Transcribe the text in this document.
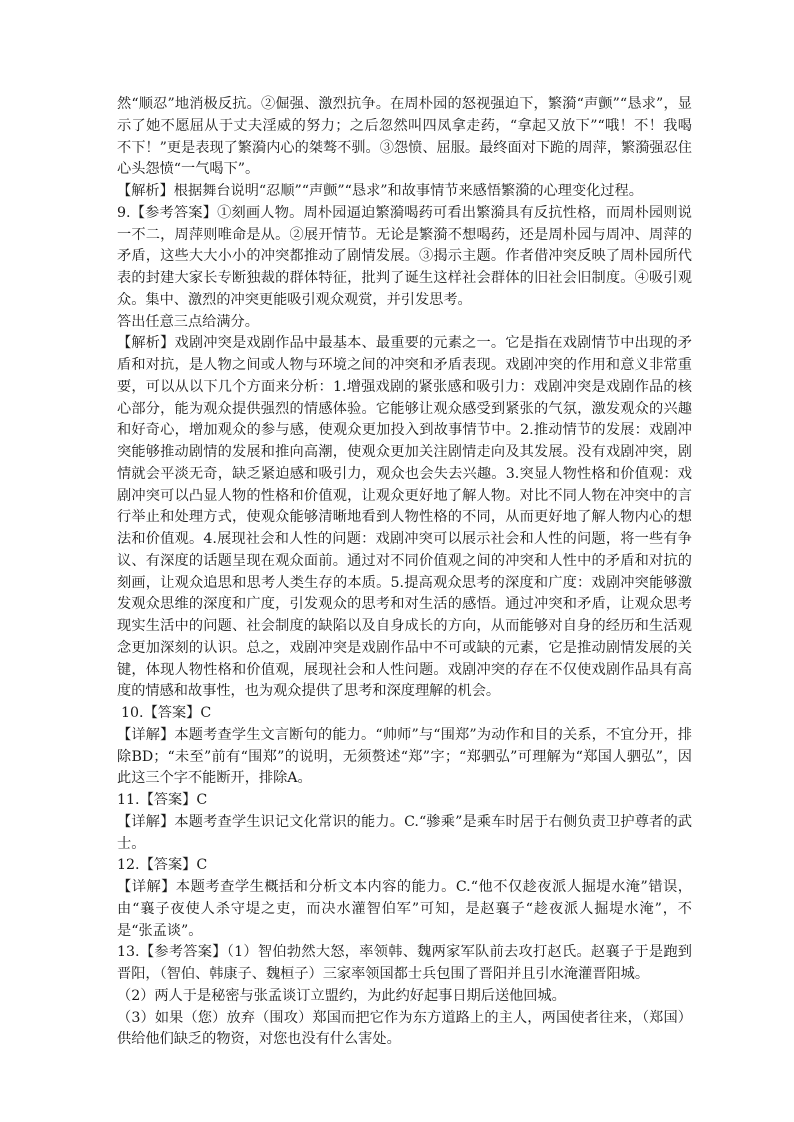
然“顺忍”地消极反抗。②倔强、激烈抗争。在周朴园的怒视强迫下，繁漪“声颤”“恳求”，显示了她不愿屈从于丈夫淫威的努力；之后忽然叫四凤拿走药，“拿起又放下”“哦！不！我喝不下！”更是表现了繁漪内心的桀骜不驯。③怨愤、屈服。最终面对下跪的周萍，繁漪强忍住心头怨愤“一气喝下”。

【解析】根据舞台说明“忍顺”“声颤”“恳求”和故事情节来感悟繁漪的心理变化过程。

9.【参考答案】①刻画人物。周朴园逼迫繁漪喝药可看出繁漪具有反抗性格，而周朴园则说一不二，周萍则唯命是从。②展开情节。无论是繁漪不想喝药，还是周朴园与周冲、周萍的矛盾，这些大大小小的冲突都推动了剧情发展。③揭示主题。作者借冲突反映了周朴园所代表的封建大家长专断独裁的群体特征，批判了诞生这样社会群体的旧社会旧制度。④吸引观众。集中、激烈的冲突更能吸引观众观赏，并引发思考。

答出任意三点给满分。

【解析】戏剧冲突是戏剧作品中最基本、最重要的元素之一。它是指在戏剧情节中出现的矛盾和对抗，是人物之间或人物与环境之间的冲突和矛盾表现。戏剧冲突的作用和意义非常重要，可以从以下几个方面来分析：1.增强戏剧的紧张感和吸引力：戏剧冲突是戏剧作品的核心部分，能为观众提供强烈的情感体验。它能够让观众感受到紧张的气氛，激发观众的兴趣和好奇心，增加观众的参与感，使观众更加投入到故事情节中。2.推动情节的发展：戏剧冲突能够推动剧情的发展和推向高潮，使观众更加关注剧情走向及其发展。没有戏剧冲突，剧情就会平淡无奇，缺乏紧迫感和吸引力，观众也会失去兴趣。3.突显人物性格和价值观：戏剧冲突可以凸显人物的性格和价值观，让观众更好地了解人物。对比不同人物在冲突中的言行举止和处理方式，使观众能够清晰地看到人物性格的不同，从而更好地了解人物内心的想法和价值观。4.展现社会和人性的问题：戏剧冲突可以展示社会和人性的问题，将一些有争议、有深度的话题呈现在观众面前。通过对不同价值观之间的冲突和人性中的矛盾和对抗的刻画，让观众追思和思考人类生存的本质。5.提高观众思考的深度和广度：戏剧冲突能够激发观众思维的深度和广度，引发观众的思考和对生活的感悟。通过冲突和矛盾，让观众思考现实生活中的问题、社会制度的缺陷以及自身成长的方向，从而能够对自身的经历和生活观念更加深刻的认识。总之，戏剧冲突是戏剧作品中不可或缺的元素，它是推动剧情发展的关键，体现人物性格和价值观，展现社会和人性问题。戏剧冲突的存在不仅使戏剧作品具有高度的情感和故事性，也为观众提供了思考和深度理解的机会。

10.【答案】C

【详解】本题考查学生文言断句的能力。“帅师”与“围郑”为动作和目的关系，不宜分开，排除BD；“未至”前有“围郑”的说明，无须赘述“郑”字；“郑驷弘”可理解为“郑国人驷弘”，因此这三个字不能断开，排除A。

11.【答案】C

【详解】本题考查学生识记文化常识的能力。C.“骖乘”是乘车时居于右侧负责卫护尊者的武士。

12.【答案】C

【详解】本题考查学生概括和分析文本内容的能力。C.“他不仅趁夜派人掘堤水淹”错误，由“襄子夜使人杀守堤之吏，而决水灌智伯军”可知，是赵襄子“趁夜派人掘堤水淹”，不是“张孟谈”。

13.【参考答案】（1）智伯勃然大怒，率领韩、魏两家军队前去攻打赵氏。赵襄子于是跑到晋阳，（智伯、韩康子、魏桓子）三家率领国都士兵包围了晋阳并且引水淹灌晋阳城。

（2）两人于是秘密与张孟谈订立盟约，为此约好起事日期后送他回城。

（3）如果（您）放弃（围攻）郑国而把它作为东方道路上的主人，两国使者往来，（郑国）供给他们缺乏的物资，对您也没有什么害处。
